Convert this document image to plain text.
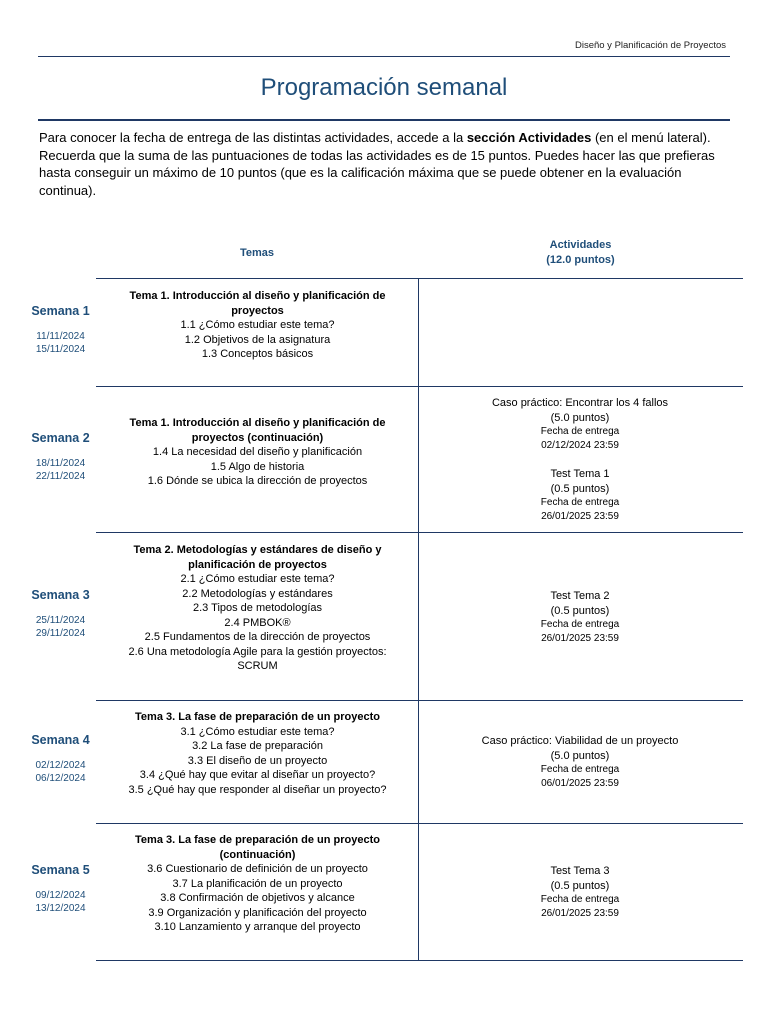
Diseño y Planificación de Proyectos
Programación semanal

Para conocer la fecha de entrega de las distintas actividades, accede a la sección Actividades (en el menú lateral). Recuerda que la suma de las puntuaciones de todas las actividades es de 15 puntos. Puedes hacer las que prefieras hasta conseguir un máximo de 10 puntos (que es la calificación máxima que se puede obtener en la evaluación continua).

Temas
Actividades
(12.0 puntos)
Semana 1
11/11/2024
15/11/2024
Tema 1. Introducción al diseño y planificación de proyectos
1.1 ¿Cómo estudiar este tema?
1.2 Objetivos de la asignatura
1.3 Conceptos básicos
Semana 2
18/11/2024
22/11/2024
Tema 1. Introducción al diseño y planificación de proyectos (continuación)
1.4 La necesidad del diseño y planificación
1.5 Algo de historia
1.6 Dónde se ubica la dirección de proyectos
Caso práctico: Encontrar los 4 fallos
(5.0 puntos)
Fecha de entrega
02/12/2024 23:59
Test Tema 1
(0.5 puntos)
Fecha de entrega
26/01/2025 23:59
Semana 3
25/11/2024
29/11/2024
Tema 2. Metodologías y estándares de diseño y planificación de proyectos
2.1 ¿Cómo estudiar este tema?
2.2 Metodologías y estándares
2.3 Tipos de metodologías
2.4 PMBOK®
2.5 Fundamentos de la dirección de proyectos
2.6 Una metodología Agile para la gestión proyectos: SCRUM
Test Tema 2
(0.5 puntos)
Fecha de entrega
26/01/2025 23:59
Semana 4
02/12/2024
06/12/2024
Tema 3. La fase de preparación de un proyecto
3.1 ¿Cómo estudiar este tema?
3.2 La fase de preparación
3.3 El diseño de un proyecto
3.4 ¿Qué hay que evitar al diseñar un proyecto?
3.5 ¿Qué hay que responder al diseñar un proyecto?
Caso práctico: Viabilidad de un proyecto
(5.0 puntos)
Fecha de entrega
06/01/2025 23:59
Semana 5
09/12/2024
13/12/2024
Tema 3. La fase de preparación de un proyecto (continuación)
3.6 Cuestionario de definición de un proyecto
3.7 La planificación de un proyecto
3.8 Confirmación de objetivos y alcance
3.9 Organización y planificación del proyecto
3.10 Lanzamiento y arranque del proyecto
Test Tema 3
(0.5 puntos)
Fecha de entrega
26/01/2025 23:59
